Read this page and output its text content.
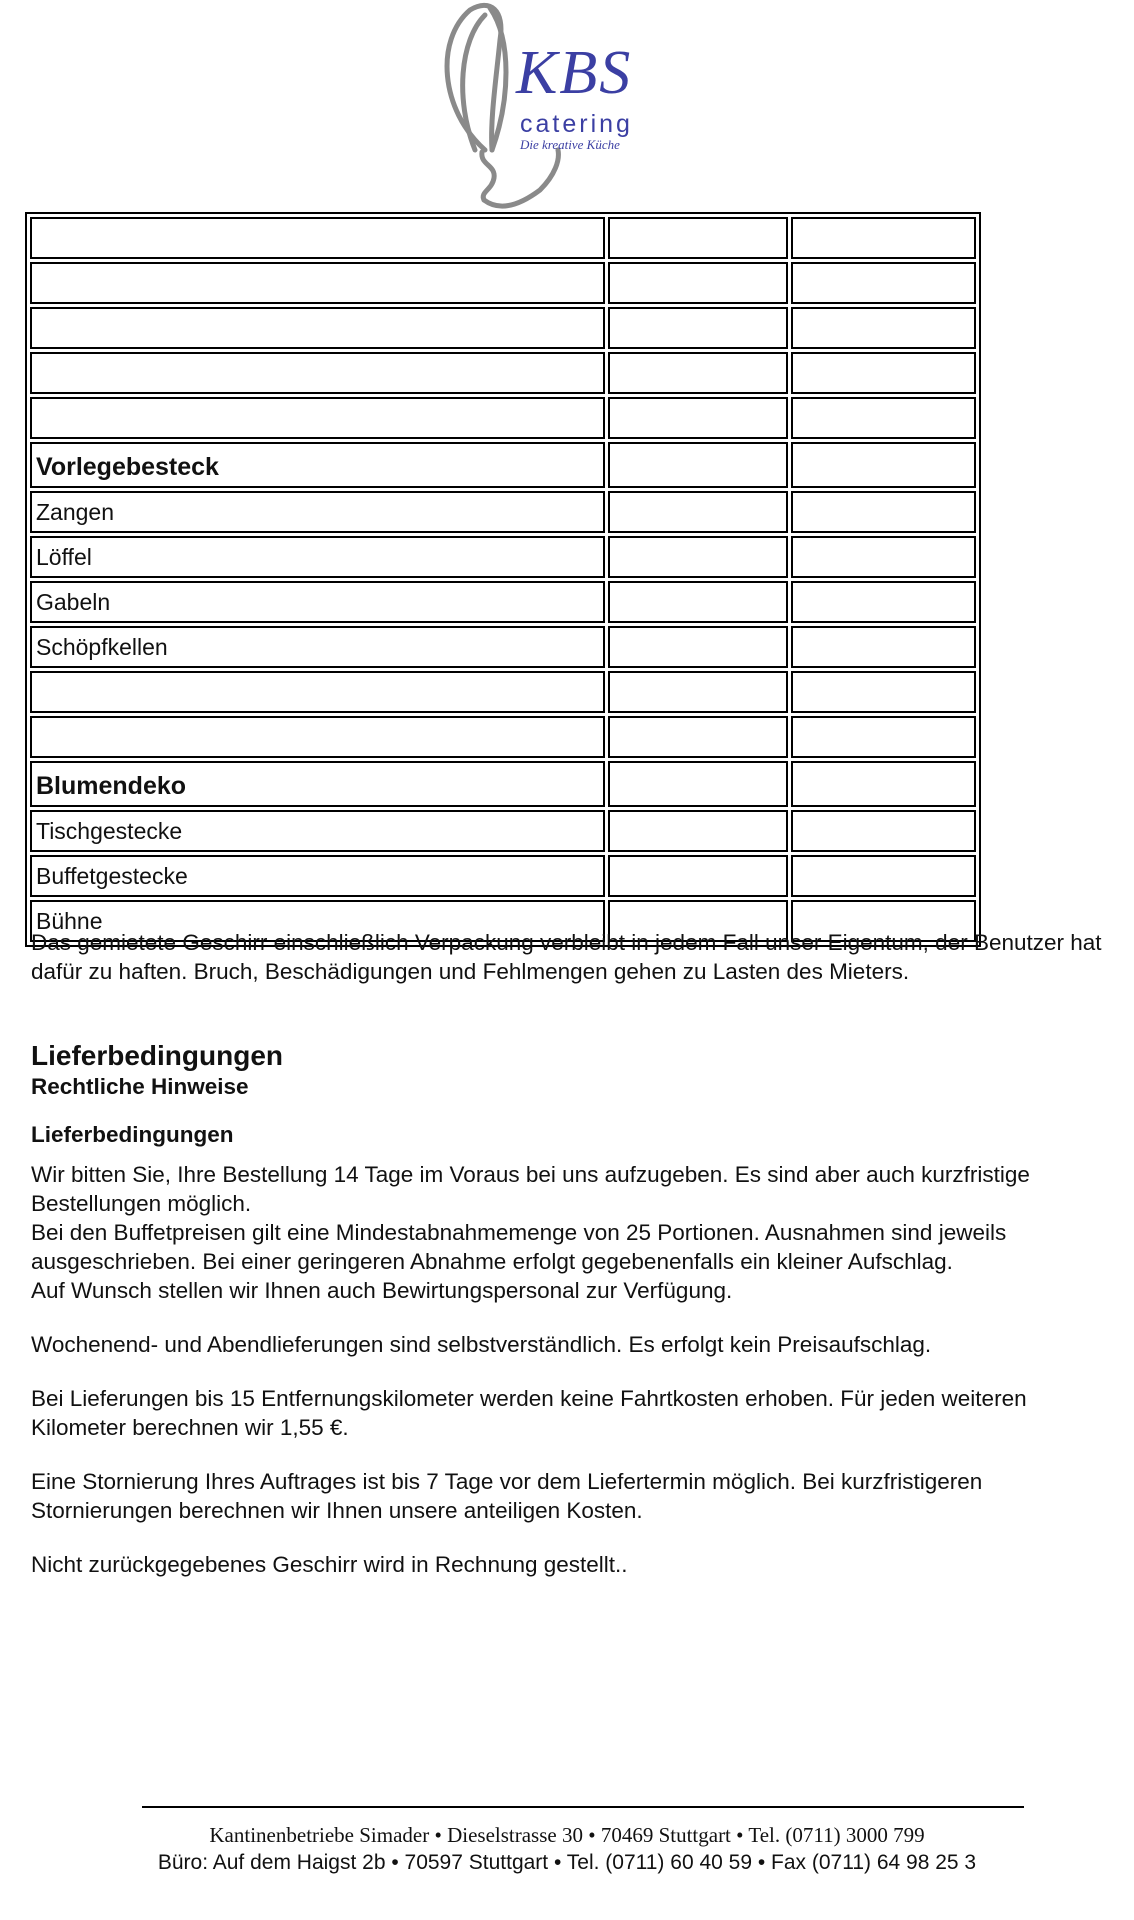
KBS
catering
Die kreative Küche

Vorlegebesteck		
Zangen		
Löffel		
Gabeln		
Schöpfkellen		

Blumendeko		
Tischgestecke		
Buffetgestecke		
Bühne		

Das gemietete Geschirr einschließlich Verpackung verbleibt in jedem Fall unser Eigentum, der Benutzer hat dafür zu haften. Bruch, Beschädigungen und Fehlmengen gehen zu Lasten des Mieters.

Lieferbedingungen
Rechtliche Hinweise
Lieferbedingungen

Wir bitten Sie, Ihre Bestellung 14 Tage im Voraus bei uns aufzugeben. Es sind aber auch kurzfristige Bestellungen möglich.

Bei den Buffetpreisen gilt eine Mindestabnahmemenge von 25 Portionen. Ausnahmen sind jeweils ausgeschrieben. Bei einer geringeren Abnahme erfolgt gegebenenfalls ein kleiner Aufschlag.

Auf Wunsch stellen wir Ihnen auch Bewirtungspersonal zur Verfügung.

Wochenend- und Abendlieferungen sind selbstverständlich. Es erfolgt kein Preisaufschlag.

Bei Lieferungen bis 15 Entfernungskilometer werden keine Fahrtkosten erhoben. Für jeden weiteren Kilometer berechnen wir 1,55 €.

Eine Stornierung Ihres Auftrages ist bis 7 Tage vor dem Liefertermin möglich. Bei kurzfristigeren Stornierungen berechnen wir Ihnen unsere anteiligen Kosten.

Nicht zurückgegebenes Geschirr wird in Rechnung gestellt..

Kantinenbetriebe Simader • Dieselstrasse 30 • 70469 Stuttgart • Tel. (0711) 3000 799
Büro: Auf dem Haigst 2b • 70597 Stuttgart • Tel. (0711) 60 40 59 • Fax (0711) 64 98 25 3
